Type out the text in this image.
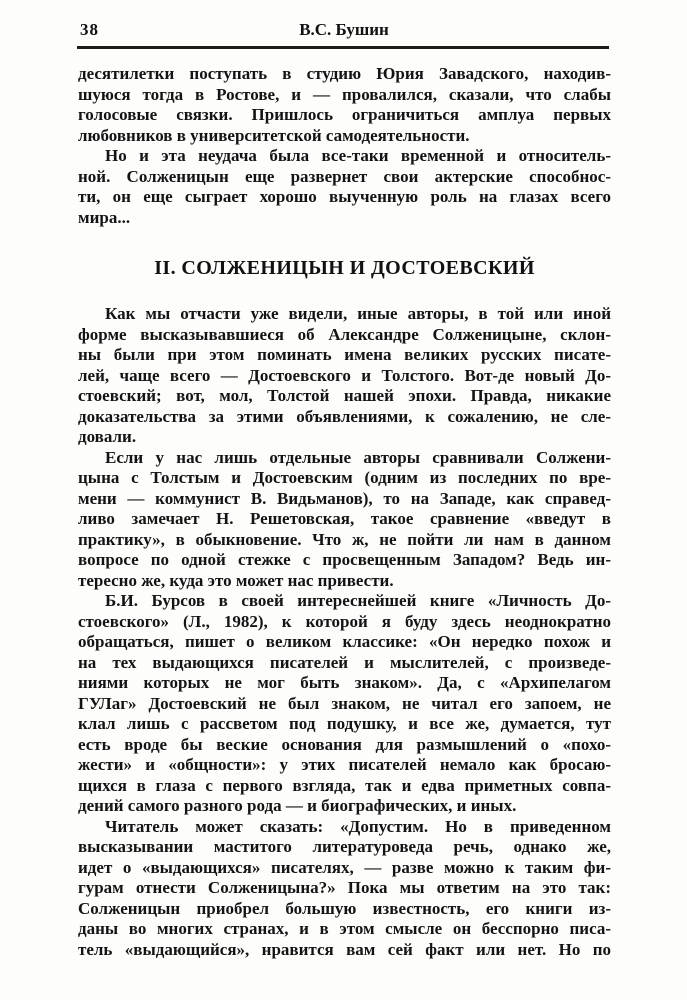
38	В.С. Бушин

десятилетки поступать в студию Юрия Завадского, находив-
шуюся тогда в Ростове, и — провалился, сказали, что слабы
голосовые связки. Пришлось ограничиться амплуа первых
любовников в университетской самодеятельности.

Но и эта неудача была все-таки временной и относитель-
ной. Солженицын еще развернет свои актерские способнос-
ти, он еще сыграет хорошо выученную роль на глазах всего
мира...

II. СОЛЖЕНИЦЫН И ДОСТОЕВСКИЙ

Как мы отчасти уже видели, иные авторы, в той или иной
форме высказывавшиеся об Александре Солженицыне, склон-
ны были при этом поминать имена великих русских писате-
лей, чаще всего — Достоевского и Толстого. Вот-де новый До-
стоевский; вот, мол, Толстой нашей эпохи. Правда, никакие
доказательства за этими объявлениями, к сожалению, не сле-
довали.

Если у нас лишь отдельные авторы сравнивали Солжени-
цына с Толстым и Достоевским (одним из последних по вре-
мени — коммунист В. Видьманов), то на Западе, как справед-
ливо замечает Н. Решетовская, такое сравнение «введут в
практику», в обыкновение. Что ж, не пойти ли нам в данном
вопросе по одной стежке с просвещенным Западом? Ведь ин-
тересно же, куда это может нас привести.

Б.И. Бурсов в своей интереснейшей книге «Личность До-
стоевского» (Л., 1982), к которой я буду здесь неоднократно
обращаться, пишет о великом классике: «Он нередко похож и
на тех выдающихся писателей и мыслителей, с произведе-
ниями которых не мог быть знаком». Да, с «Архипелагом
ГУЛаг» Достоевский не был знаком, не читал его запоем, не
клал лишь с рассветом под подушку, и все же, думается, тут
есть вроде бы веские основания для размышлений о «похо-
жести» и «общности»: у этих писателей немало как бросаю-
щихся в глаза с первого взгляда, так и едва приметных совпа-
дений самого разного рода — и биографических, и иных.

Читатель может сказать: «Допустим. Но в приведенном
высказывании маститого литературоведа речь, однако же,
идет о «выдающихся» писателях, — разве можно к таким фи-
гурам отнести Солженицына?» Пока мы ответим на это так:
Солженицын приобрел большую известность, его книги из-
даны во многих странах, и в этом смысле он бесспорно писа-
тель «выдающийся», нравится вам сей факт или нет. Но по
